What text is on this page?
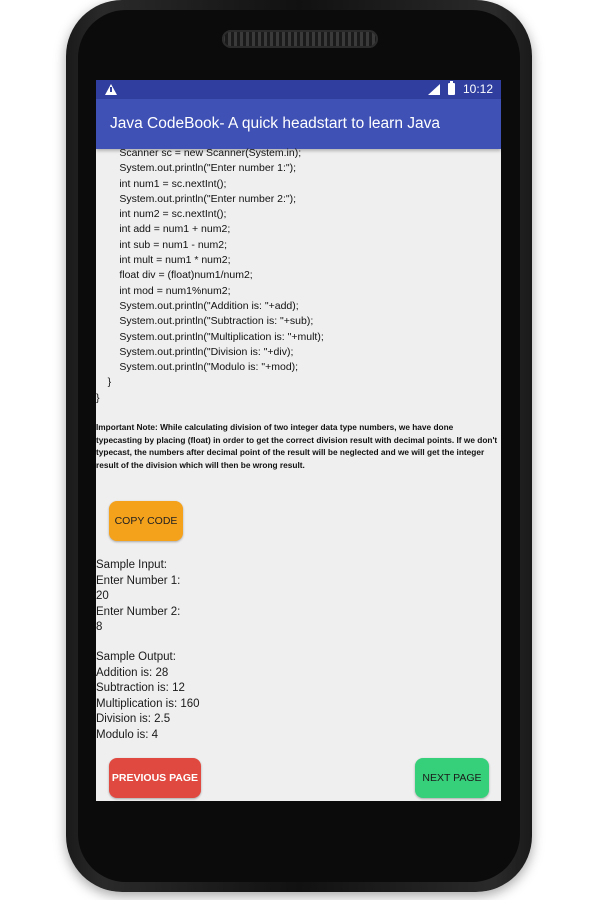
10:12
Java CodeBook- A quick headstart to learn Java
Scanner sc = new Scanner(System.in);
System.out.println("Enter number 1:");
int num1 = sc.nextInt();
System.out.println("Enter number 2:");
int num2 = sc.nextInt();
int add = num1 + num2;
int sub = num1 - num2;
int mult = num1 * num2;
float div = (float)num1/num2;
int mod = num1%num2;
System.out.println("Addition is: "+add);
System.out.println("Subtraction is: "+sub);
System.out.println("Multiplication is: "+mult);
System.out.println("Division is: "+div);
System.out.println("Modulo is: "+mod);
}
}
Important Note: While calculating division of two integer data type numbers, we have done typecasting by placing (float) in order to get the correct division result with decimal points. If we don't typecast, the numbers after decimal point of the result will be neglected and we will get the integer result of the division which will then be wrong result.
COPY CODE
Sample Input:
Enter Number 1:
20
Enter Number 2:
8
Sample Output:
Addition is: 28
Subtraction is: 12
Multiplication is: 160
Division is: 2.5
Modulo is: 4
PREVIOUS PAGE	NEXT PAGE
